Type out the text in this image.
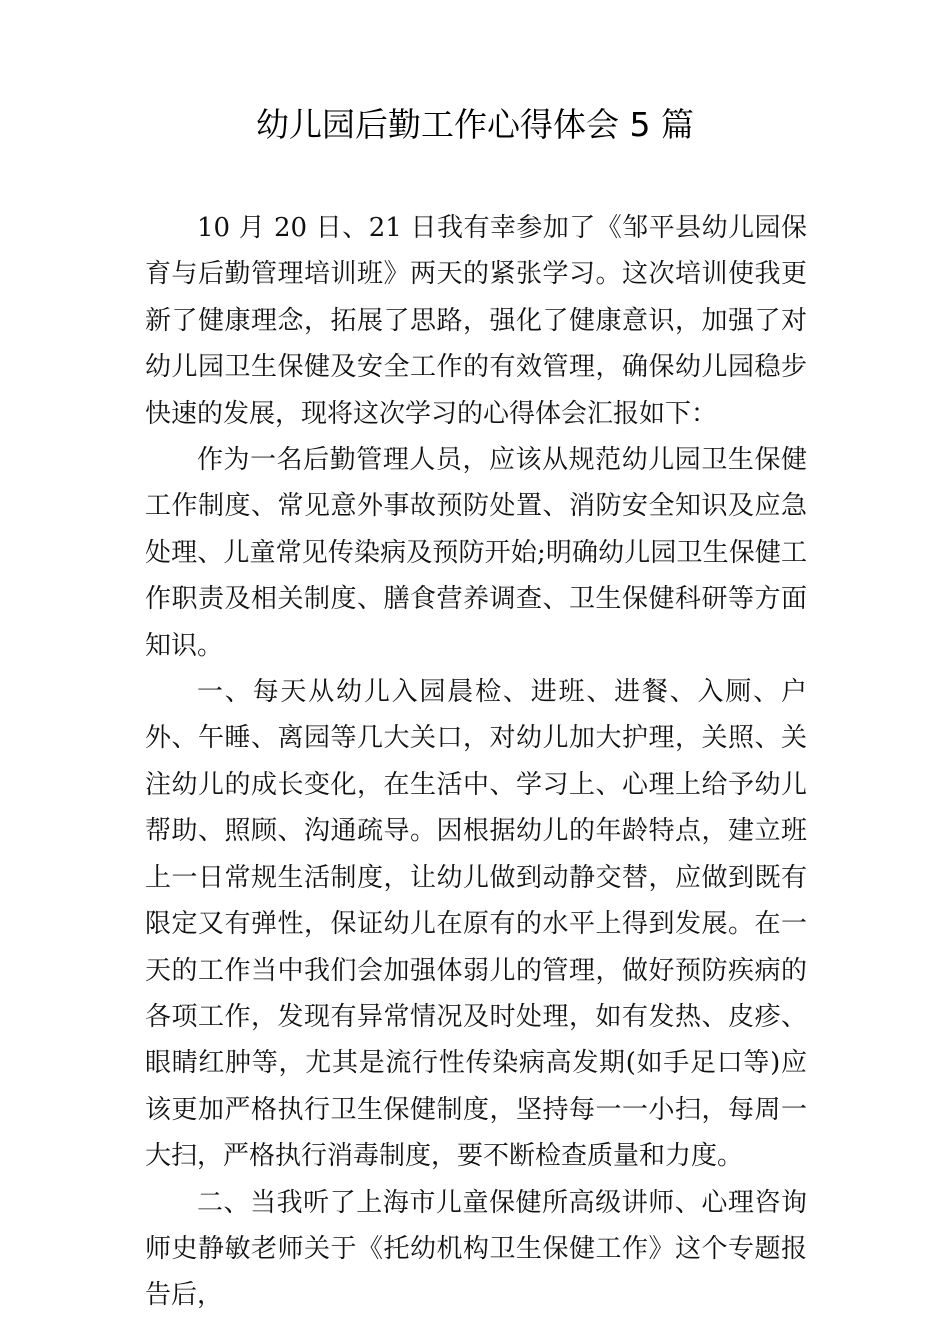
幼儿园后勤工作心得体会 5 篇

10 月 20 日、21 日我有幸参加了《邹平县幼儿园保育与后勤管理培训班》两天的紧张学习。这次培训使我更新了健康理念，拓展了思路，强化了健康意识，加强了对幼儿园卫生保健及安全工作的有效管理，确保幼儿园稳步快速的发展，现将这次学习的心得体会汇报如下：

作为一名后勤管理人员，应该从规范幼儿园卫生保健工作制度、常见意外事故预防处置、消防安全知识及应急处理、儿童常见传染病及预防开始;明确幼儿园卫生保健工作职责及相关制度、膳食营养调查、卫生保健科研等方面知识。

一、每天从幼儿入园晨检、进班、进餐、入厕、户外、午睡、离园等几大关口，对幼儿加大护理，关照、关注幼儿的成长变化，在生活中、学习上、心理上给予幼儿帮助、照顾、沟通疏导。因根据幼儿的年龄特点，建立班上一日常规生活制度，让幼儿做到动静交替，应做到既有限定又有弹性，保证幼儿在原有的水平上得到发展。在一天的工作当中我们会加强体弱儿的管理，做好预防疾病的各项工作，发现有异常情况及时处理，如有发热、皮疹、眼睛红肿等，尤其是流行性传染病高发期(如手足口等)应该更加严格执行卫生保健制度，坚持每一一小扫，每周一大扫，严格执行消毒制度，要不断检查质量和力度。

二、当我听了上海市儿童保健所高级讲师、心理咨询师史静敏老师关于《托幼机构卫生保健工作》这个专题报告后，
